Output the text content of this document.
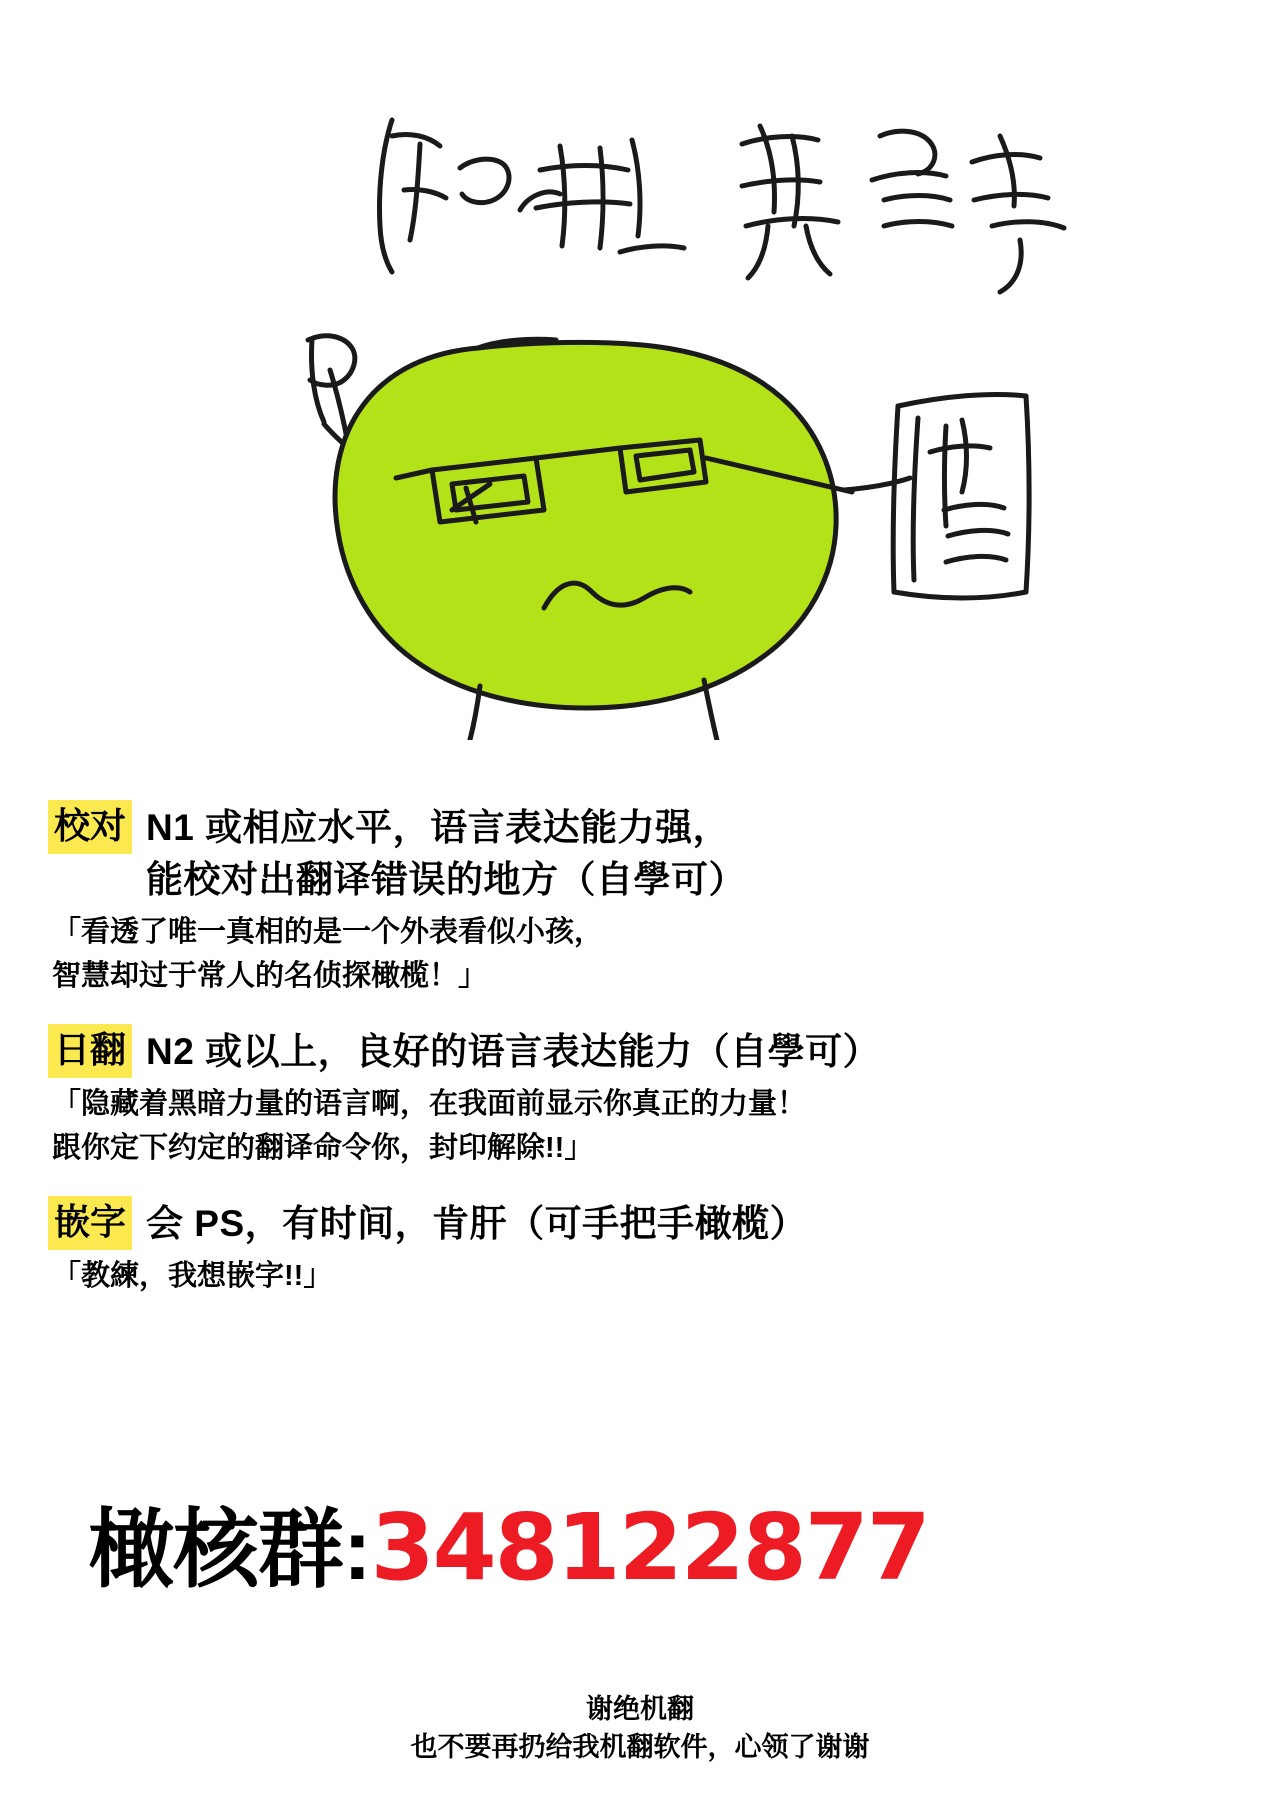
校对 N1 或相应水平，语言表达能力强，
能校对出翻译错误的地方（自學可）
「看透了唯一真相的是一个外表看似小孩，
智慧却过于常人的名侦探橄榄！」
日翻 N2 或以上，良好的语言表达能力（自學可）
「隐藏着黑暗力量的语言啊，在我面前显示你真正的力量！
跟你定下约定的翻译命令你，封印解除!!」
嵌字 会 PS，有时间，肯肝（可手把手橄榄）
「教練，我想嵌字!!」
橄核群: 348122877
谢绝机翻
也不要再扔给我机翻软件，心领了谢谢
